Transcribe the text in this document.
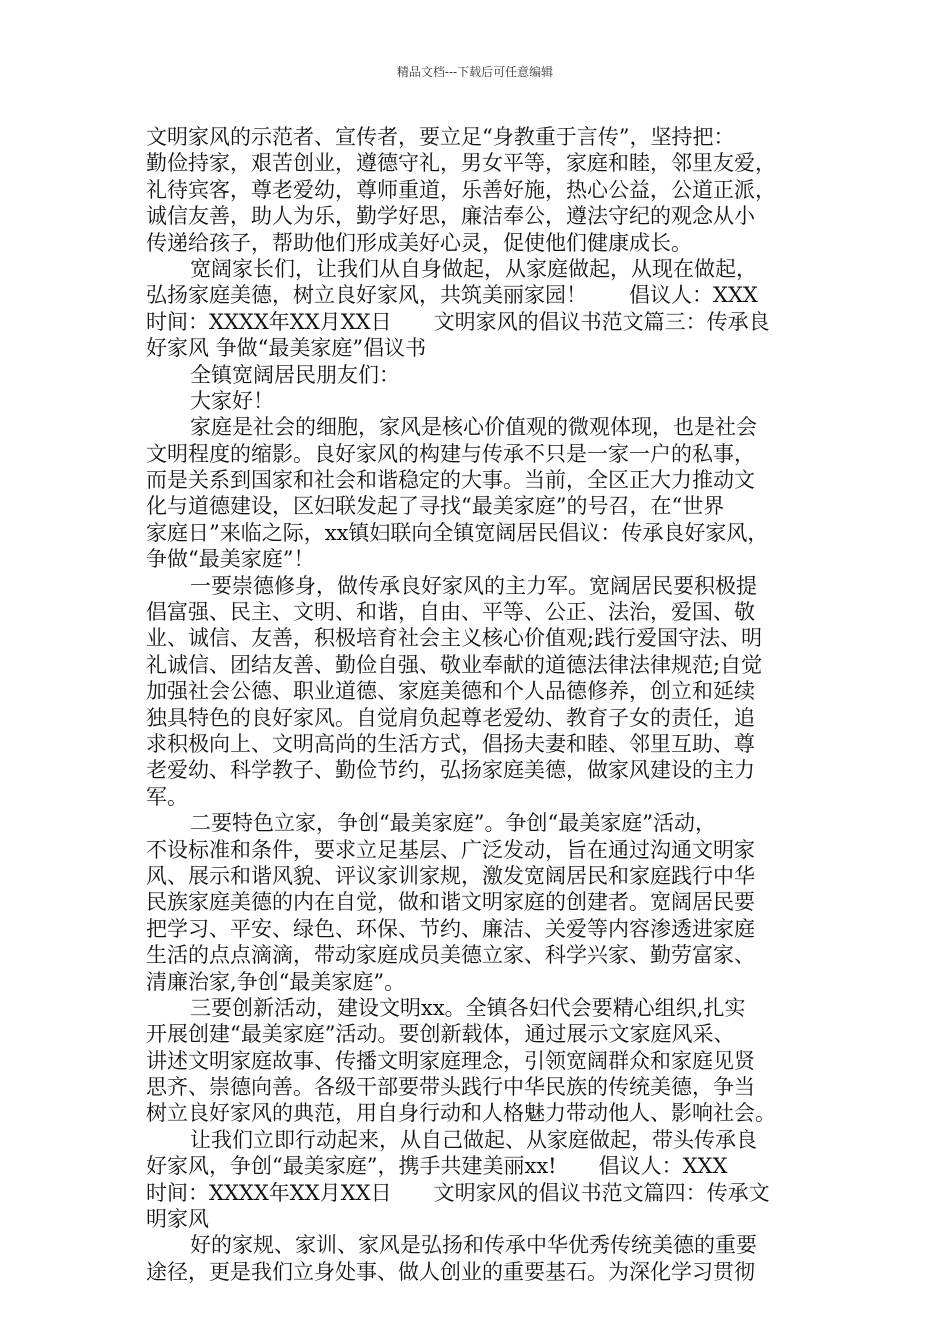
精品文档---下载后可任意编辑
文明家风的示范者、宣传者，要立足“身教重于言传”，坚持把：
勤俭持家，艰苦创业，遵德守礼，男女平等，家庭和睦，邻里友爱，
礼待宾客，尊老爱幼，尊师重道，乐善好施，热心公益，公道正派，
诚信友善，助人为乐，勤学好思，廉洁奉公，遵法守纪的观念从小
传递给孩子，帮助他们形成美好心灵，促使他们健康成长。
宽阔家长们，让我们从自身做起，从家庭做起，从现在做起，
弘扬家庭美德，树立良好家风，共筑美丽家园！　　倡议人：XXX
时间：XXXX年XX月XX日　　文明家风的倡议书范文篇三：传承良
好家风 争做“最美家庭”倡议书
全镇宽阔居民朋友们：
大家好！
家庭是社会的细胞，家风是核心价值观的微观体现，也是社会
文明程度的缩影。良好家风的构建与传承不只是一家一户的私事，
而是关系到国家和社会和谐稳定的大事。当前，全区正大力推动文
化与道德建设，区妇联发起了寻找“最美家庭”的号召，在“世界
家庭日”来临之际，xx镇妇联向全镇宽阔居民倡议：传承良好家风，
争做“最美家庭”！
一要崇德修身，做传承良好家风的主力军。宽阔居民要积极提
倡富强、民主、文明、和谐，自由、平等、公正、法治，爱国、敬
业、诚信、友善，积极培育社会主义核心价值观;践行爱国守法、明
礼诚信、团结友善、勤俭自强、敬业奉献的道德法律法律规范;自觉
加强社会公德、职业道德、家庭美德和个人品德修养，创立和延续
独具特色的良好家风。自觉肩负起尊老爱幼、教育子女的责任，追
求积极向上、文明高尚的生活方式，倡扬夫妻和睦、邻里互助、尊
老爱幼、科学教子、勤俭节约，弘扬家庭美德，做家风建设的主力
军。
二要特色立家，争创“最美家庭”。争创“最美家庭”活动，
不设标准和条件，要求立足基层、广泛发动，旨在通过沟通文明家
风、展示和谐风貌、评议家训家规，激发宽阔居民和家庭践行中华
民族家庭美德的内在自觉，做和谐文明家庭的创建者。宽阔居民要
把学习、平安、绿色、环保、节约、廉洁、关爱等内容渗透进家庭
生活的点点滴滴，带动家庭成员美德立家、科学兴家、勤劳富家、
清廉治家,争创“最美家庭”。
三要创新活动，建设文明xx。全镇各妇代会要精心组织,扎实
开展创建“最美家庭”活动。要创新载体，通过展示文家庭风采、
讲述文明家庭故事、传播文明家庭理念，引领宽阔群众和家庭见贤
思齐、崇德向善。各级干部要带头践行中华民族的传统美德，争当
树立良好家风的典范，用自身行动和人格魅力带动他人、影响社会。
让我们立即行动起来，从自己做起、从家庭做起，带头传承良
好家风，争创“最美家庭”，携手共建美丽xx!　　倡议人：XXX
时间：XXXX年XX月XX日　　文明家风的倡议书范文篇四：传承文
明家风
好的家规、家训、家风是弘扬和传承中华优秀传统美德的重要
途径，更是我们立身处事、做人创业的重要基石。为深化学习贯彻
